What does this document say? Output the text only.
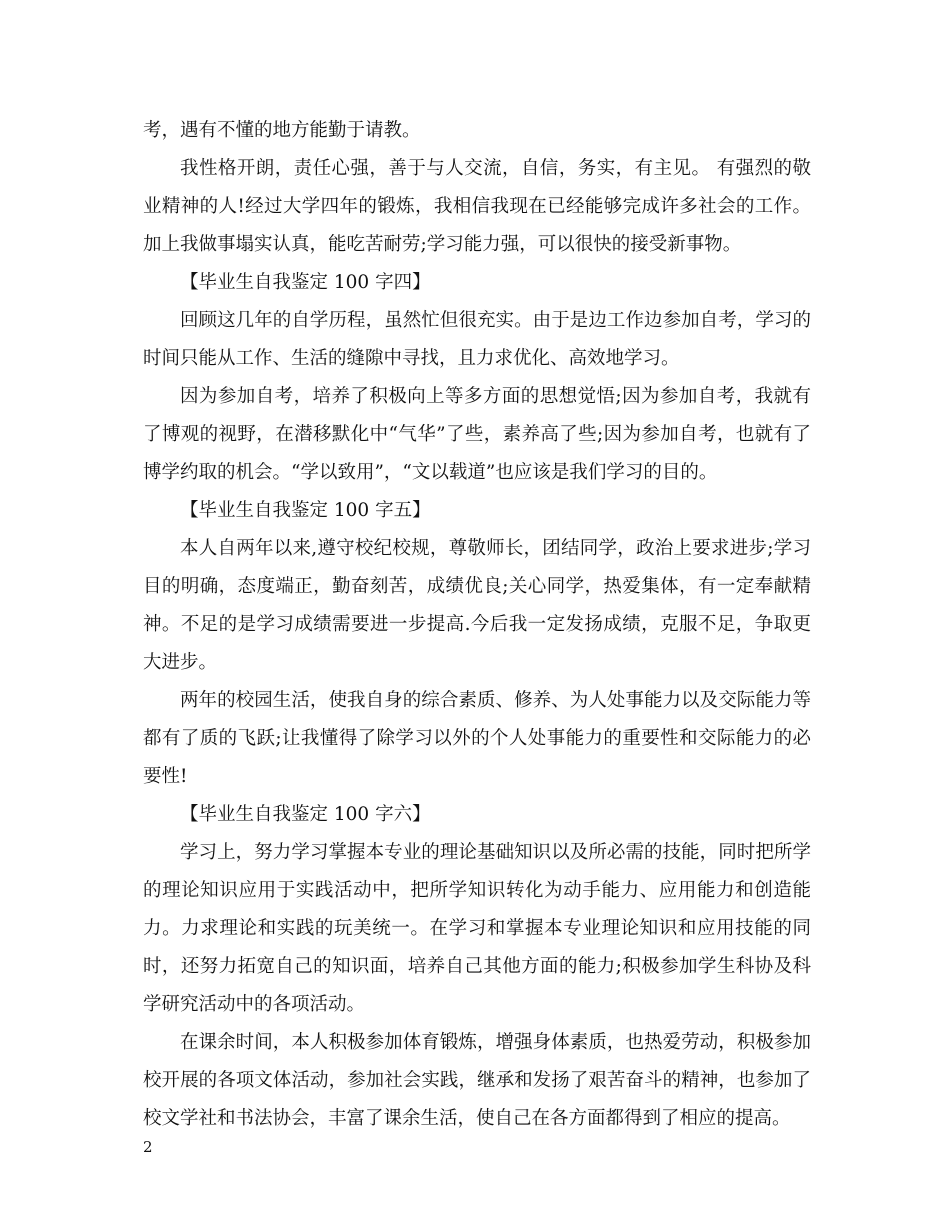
考，遇有不懂的地方能勤于请教。

我性格开朗，责任心强，善于与人交流，自信，务实，有主见。 有强烈的敬业精神的人!经过大学四年的锻炼，我相信我现在已经能够完成许多社会的工作。加上我做事塌实认真，能吃苦耐劳;学习能力强，可以很快的接受新事物。

【毕业生自我鉴定 100 字四】

回顾这几年的自学历程，虽然忙但很充实。由于是边工作边参加自考，学习的时间只能从工作、生活的缝隙中寻找，且力求优化、高效地学习。

因为参加自考，培养了积极向上等多方面的思想觉悟;因为参加自考，我就有了博观的视野，在潜移默化中“气华”了些，素养高了些;因为参加自考，也就有了博学约取的机会。“学以致用”，“文以载道”也应该是我们学习的目的。

【毕业生自我鉴定 100 字五】

本人自两年以来,遵守校纪校规，尊敬师长，团结同学，政治上要求进步;学习目的明确，态度端正，勤奋刻苦，成绩优良;关心同学，热爱集体，有一定奉献精神。不足的是学习成绩需要进一步提高.今后我一定发扬成绩，克服不足，争取更大进步。

两年的校园生活，使我自身的综合素质、修养、为人处事能力以及交际能力等都有了质的飞跃;让我懂得了除学习以外的个人处事能力的重要性和交际能力的必要性!

【毕业生自我鉴定 100 字六】

学习上，努力学习掌握本专业的理论基础知识以及所必需的技能，同时把所学的理论知识应用于实践活动中，把所学知识转化为动手能力、应用能力和创造能力。力求理论和实践的玩美统一。在学习和掌握本专业理论知识和应用技能的同时，还努力拓宽自己的知识面，培养自己其他方面的能力;积极参加学生科协及科学研究活动中的各项活动。

在课余时间，本人积极参加体育锻炼，增强身体素质，也热爱劳动，积极参加校开展的各项文体活动，参加社会实践，继承和发扬了艰苦奋斗的精神，也参加了校文学社和书法协会，丰富了课余生活，使自己在各方面都得到了相应的提高。

2
